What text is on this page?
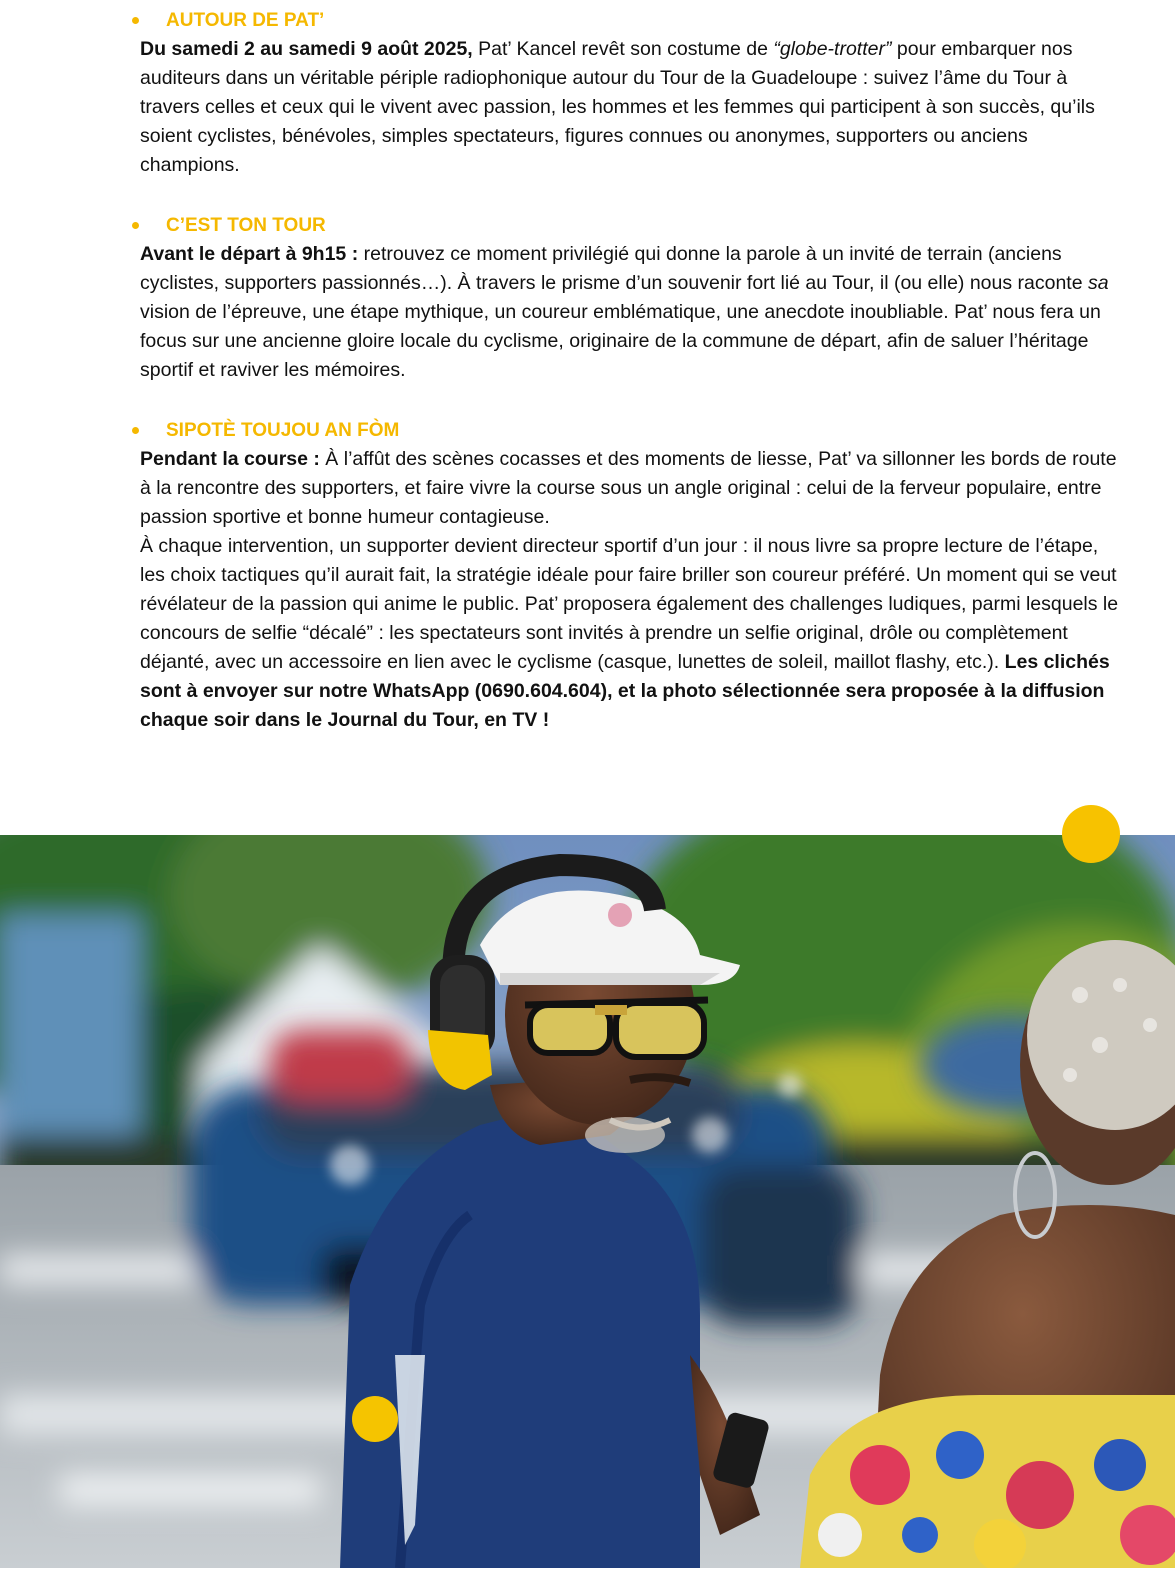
AUTOUR DE PAT’

Du samedi 2 au samedi 9 août 2025, Pat’ Kancel revêt son costume de “globe-trotter” pour embarquer nos auditeurs dans un véritable périple radiophonique autour du Tour de la Guadeloupe : suivez l’âme du Tour à travers celles et ceux qui le vivent avec passion, les hommes et les femmes qui participent à son succès, qu’ils soient cyclistes, bénévoles, simples spectateurs, figures connues ou anonymes, supporters ou anciens champions.

C’EST TON TOUR

Avant le départ à 9h15 : retrouvez ce moment privilégié qui donne la parole à un invité de terrain (anciens cyclistes, supporters passionnés…). À travers le prisme d’un souvenir fort lié au Tour, il (ou elle) nous raconte sa vision de l’épreuve, une étape mythique, un coureur emblématique, une anecdote inoubliable. Pat’ nous fera un focus sur une ancienne gloire locale du cyclisme, originaire de la commune de départ, afin de saluer l’héritage sportif et raviver les mémoires.

SIPOTÈ TOUJOU AN FÒM

Pendant la course : À l’affût des scènes cocasses et des moments de liesse, Pat’ va sillonner les bords de route à la rencontre des supporters, et faire vivre la course sous un angle original : celui de la ferveur populaire, entre passion sportive et bonne humeur contagieuse.

À chaque intervention, un supporter devient directeur sportif d’un jour : il nous livre sa propre lecture de l’étape, les choix tactiques qu’il aurait fait, la stratégie idéale pour faire briller son coureur préféré. Un moment qui se veut révélateur de la passion qui anime le public. Pat’ proposera également des challenges ludiques, parmi lesquels le concours de selfie “décalé” : les spectateurs sont invités à prendre un selfie original, drôle ou complètement déjanté, avec un accessoire en lien avec le cyclisme (casque, lunettes de soleil, maillot flashy, etc.). Les clichés sont à envoyer sur notre WhatsApp (0690.604.604), et la photo sélectionnée sera proposée à la diffusion chaque soir dans le Journal du Tour, en TV !
